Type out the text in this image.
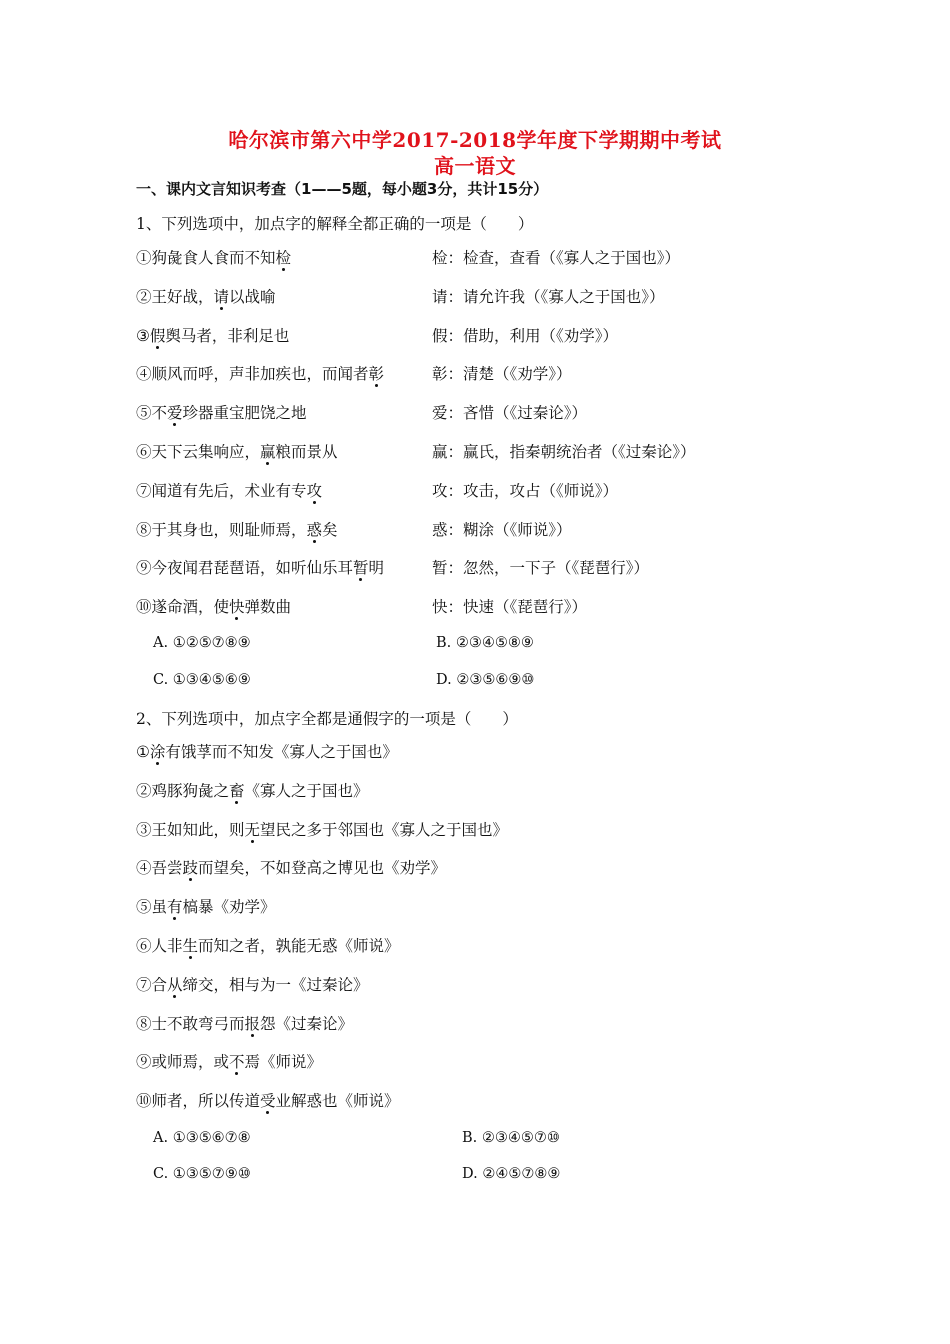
哈尔滨市第六中学2017-2018学年度下学期期中考试
高一语文
一、课内文言知识考查（1——5题，每小题3分，共计15分）
1、下列选项中，加点字的解释全都正确的一项是（　　）
①狗彘食人食而不知检	检：检查，查看（《寡人之于国也》）
②王好战，请以战喻	请：请允许我（《寡人之于国也》）
③假舆马者，非利足也	假：借助，利用（《劝学》）
④顺风而呼，声非加疾也，而闻者彰	彰：清楚（《劝学》）
⑤不爱珍器重宝肥饶之地	爱：吝惜（《过秦论》）
⑥天下云集响应，赢粮而景从	赢：赢氏，指秦朝统治者（《过秦论》）
⑦闻道有先后，术业有专攻	攻：攻击，攻占（《师说》）
⑧于其身也，则耻师焉，惑矣	惑：糊涂（《师说》）
⑨今夜闻君琵琶语，如听仙乐耳暂明	暂：忽然，一下子（《琵琶行》）
⑩遂命酒，使快弹数曲	快：快速（《琵琶行》）
A. ①②⑤⑦⑧⑨	B. ②③④⑤⑧⑨
C. ①③④⑤⑥⑨	D. ②③⑤⑥⑨⑩
2、下列选项中，加点字全都是通假字的一项是（　　）
①涂有饿莩而不知发《寡人之于国也》
②鸡豚狗彘之畜《寡人之于国也》
③王如知此，则无望民之多于邻国也《寡人之于国也》
④吾尝跂而望矣，不如登高之博见也《劝学》
⑤虽有槁暴《劝学》
⑥人非生而知之者，孰能无惑《师说》
⑦合从缔交，相与为一《过秦论》
⑧士不敢弯弓而报怨《过秦论》
⑨或师焉，或不焉《师说》
⑩师者，所以传道受业解惑也《师说》
A. ①③⑤⑥⑦⑧	B. ②③④⑤⑦⑩
C. ①③⑤⑦⑨⑩	D. ②④⑤⑦⑧⑨
